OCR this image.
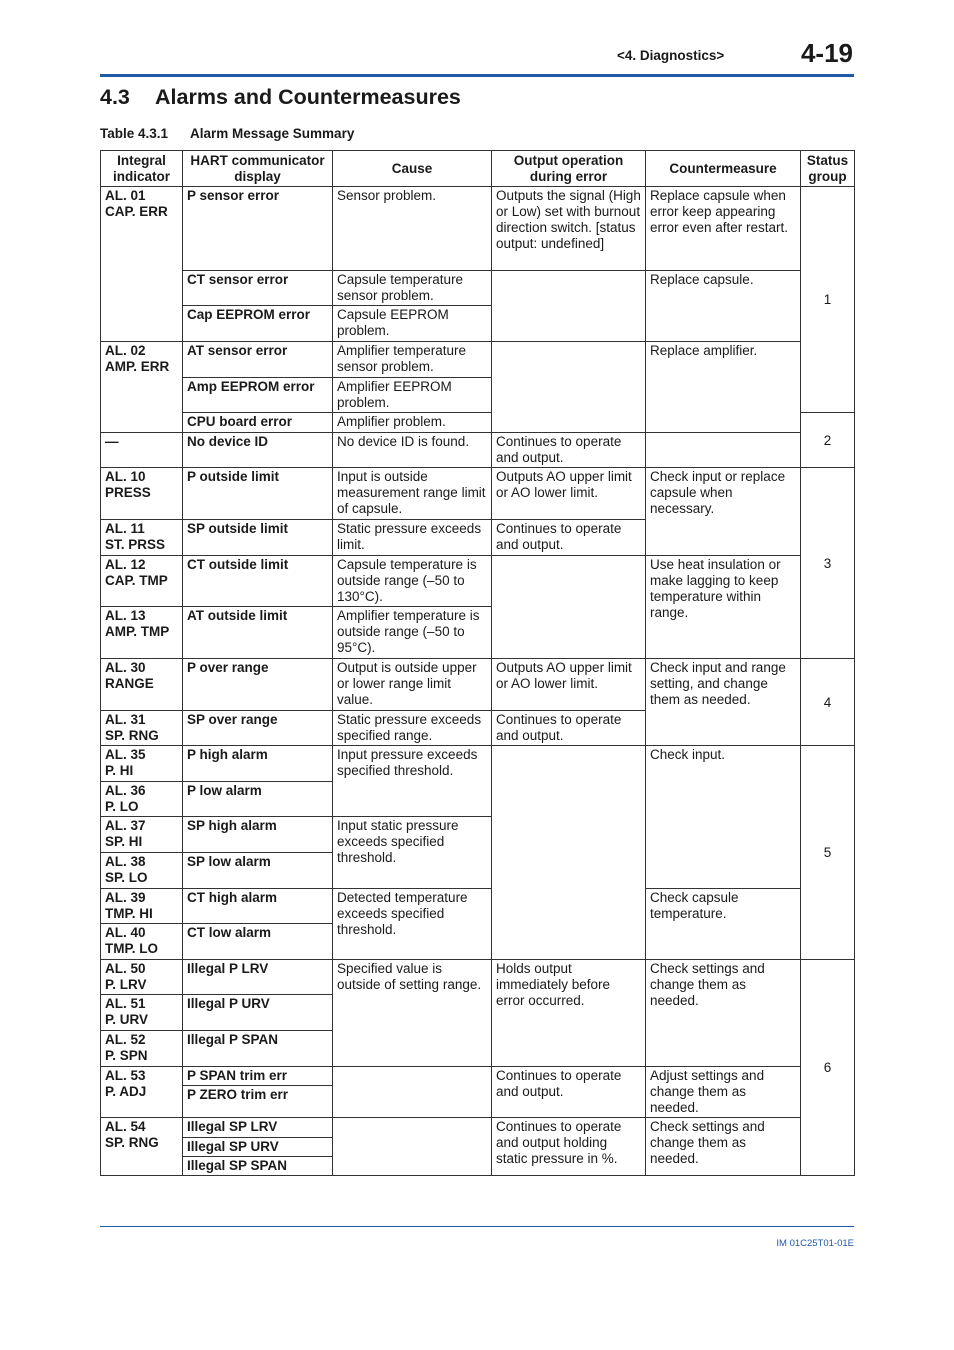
<4. Diagnostics>	4-19
4.3 Alarms and Countermeasures
Table 4.3.1 Alarm Message Summary
Integral indicator	HART communicator display	Cause	Output operation during error	Countermeasure	Status group
AL. 01
CAP. ERR	P sensor error	Sensor problem.	Outputs the signal (High or Low) set with burnout direction switch. [status output: undefined]	Replace capsule when error keep appearing error even after restart.	1
	CT sensor error	Capsule temperature sensor problem.		Replace capsule.	
	Cap EEPROM error	Capsule EEPROM problem.			
AL. 02
AMP. ERR	AT sensor error	Amplifier temperature sensor problem.		Replace amplifier.	
	Amp EEPROM error	Amplifier EEPROM problem.			
	CPU board error	Amplifier problem.			2
—	No device ID	No device ID is found.	Continues to operate and output.		
AL. 10
PRESS	P outside limit	Input is outside measurement range limit of capsule.	Outputs AO upper limit or AO lower limit.	Check input or replace capsule when necessary.	3
AL. 11
ST. PRSS	SP outside limit	Static pressure exceeds limit.	Continues to operate and output.		
AL. 12
CAP. TMP	CT outside limit	Capsule temperature is outside range (–50 to 130°C).		Use heat insulation or make lagging to keep temperature within range.	
AL. 13
AMP. TMP	AT outside limit	Amplifier temperature is outside range (–50 to 95°C).			
AL. 30
RANGE	P over range	Output is outside upper or lower range limit value.	Outputs AO upper limit or AO lower limit.	Check input and range setting, and change them as needed.	4
AL. 31
SP. RNG	SP over range	Static pressure exceeds specified range.	Continues to operate and output.		
AL. 35
P. HI	P high alarm	Input pressure exceeds specified threshold.		Check input.	5
AL. 36
P. LO	P low alarm				
AL. 37
SP. HI	SP high alarm	Input static pressure exceeds specified threshold.			
AL. 38
SP. LO	SP low alarm				
AL. 39
TMP. HI	CT high alarm	Detected temperature exceeds specified threshold.		Check capsule temperature.	
AL. 40
TMP. LO	CT low alarm				
AL. 50
P. LRV	Illegal P LRV	Specified value is outside of setting range.	Holds output immediately before error occurred.	Check settings and change them as needed.	6
AL. 51
P. URV	Illegal P URV				
AL. 52
P. SPN	Illegal P SPAN				
AL. 53
P. ADJ	P SPAN trim err		Continues to operate and output.	Adjust settings and change them as needed.	
	P ZERO trim err				
AL. 54
SP. RNG	Illegal SP LRV		Continues to operate and output holding static pressure in %.	Check settings and change them as needed.	
	Illegal SP URV				
	Illegal SP SPAN				
IM 01C25T01-01E
